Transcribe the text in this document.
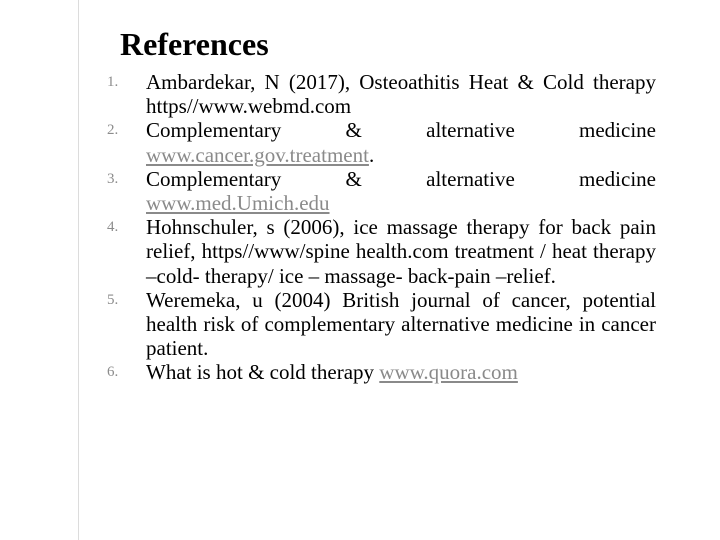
References
1.	Ambardekar, N (2017), Osteoathitis Heat & Cold therapy https//www.webmd.com
2.	Complementary & alternative medicine www.cancer.gov.treatment.
3.	Complementary & alternative medicine www.med.Umich.edu
4.	Hohnschuler, s (2006), ice massage therapy for back pain relief, https//www/spine health.com treatment / heat therapy –cold- therapy/ ice – massage- back-pain –relief.
5.	Weremeka, u (2004) British journal of cancer, potential health risk of complementary alternative medicine in cancer patient.
6.	What is hot & cold therapy www.quora.com
